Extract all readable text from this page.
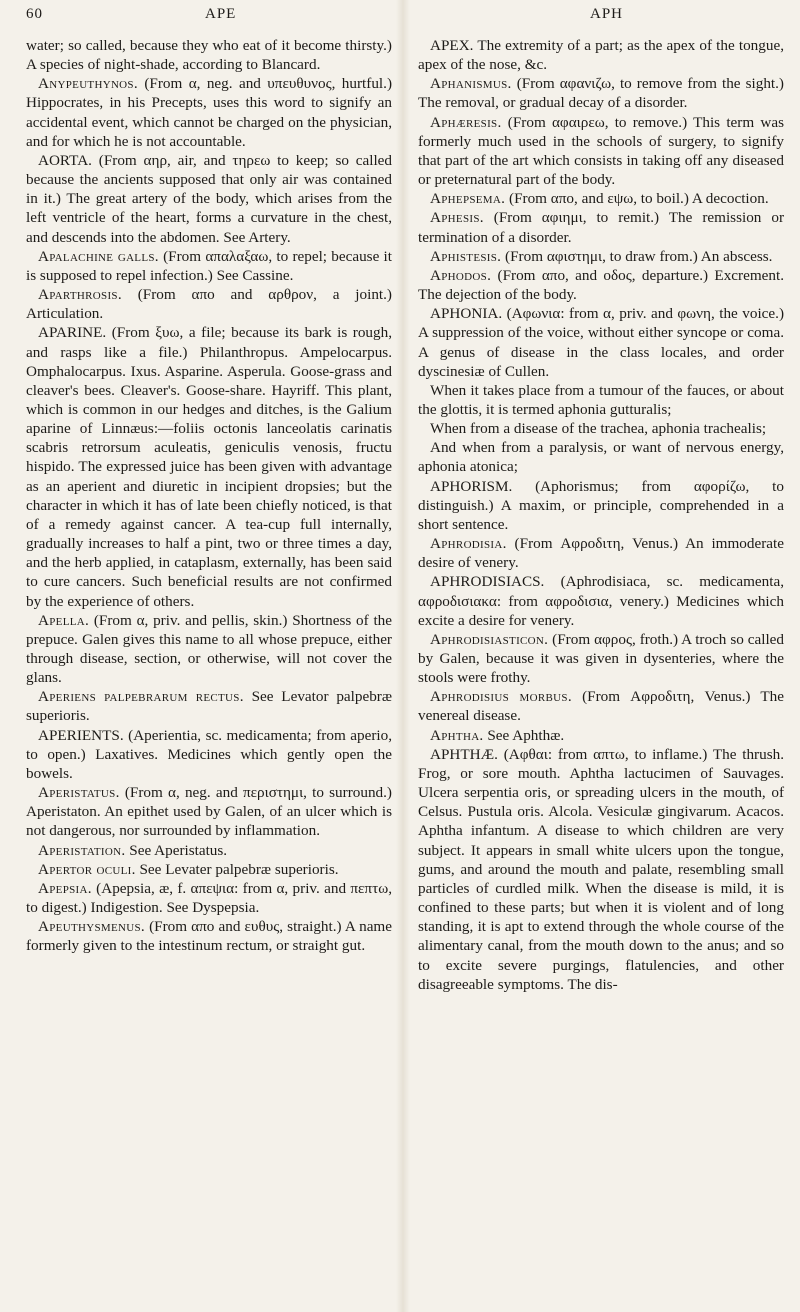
60	APE	APH

water; so called, because they who eat of it become thirsty.) A species of night-shade, according to Blancard.

Anypeuthynos. (From α, neg. and υπευθυνος, hurtful.) Hippocrates, in his Precepts, uses this word to signify an accidental event, which cannot be charged on the physician, and for which he is not accountable.

AORTA. (From αηρ, air, and τηρεω to keep; so called because the ancients supposed that only air was contained in it.) The great artery of the body, which arises from the left ventricle of the heart, forms a curvature in the chest, and descends into the abdomen. See Artery.

Apalachine galls. (From απαλαξαω, to repel; because it is supposed to repel infection.) See Cassine.

Aparthrosis. (From απο and αρθρον, a joint.) Articulation.

APARINE. (From ξυω, a file; because its bark is rough, and rasps like a file.) Philanthropus. Ampelocarpus. Omphalocarpus. Ixus. Asparine. Asperula. Goose-grass and cleaver's bees. Cleaver's. Goose-share. Hayriff. This plant, which is common in our hedges and ditches, is the Galium aparine of Linnæus:—foliis octonis lanceolatis carinatis scabris retrorsum aculeatis, geniculis venosis, fructu hispido. The expressed juice has been given with advantage as an aperient and diuretic in incipient dropsies; but the character in which it has of late been chiefly noticed, is that of a remedy against cancer. A tea-cup full internally, gradually increases to half a pint, two or three times a day, and the herb applied, in cataplasm, externally, has been said to cure cancers. Such beneficial results are not confirmed by the experience of others.

Apella. (From α, priv. and pellis, skin.) Shortness of the prepuce. Galen gives this name to all whose prepuce, either through disease, section, or otherwise, will not cover the glans.

Aperiens palpebrarum rectus. See Levator palpebræ superioris.

APERIENTS. (Aperientia, sc. medicamenta; from aperio, to open.) Laxatives. Medicines which gently open the bowels.

Aperistatus. (From α, neg. and περιστημι, to surround.) Aperistaton. An epithet used by Galen, of an ulcer which is not dangerous, nor surrounded by inflammation.

Aperistation. See Aperistatus.

Apertor oculi. See Levater palpebræ superioris.

Apepsia. (Apepsia, æ, f. απεψια: from α, priv. and πεπτω, to digest.) Indigestion. See Dyspepsia.

Apeuthysmenus. (From απο and ευθυς, straight.) A name formerly given to the intestinum rectum, or straight gut.

APEX. The extremity of a part; as the apex of the tongue, apex of the nose, &c.

Aphanismus. (From αφανιζω, to remove from the sight.) The removal, or gradual decay of a disorder.

Aphæresis. (From αφαιρεω, to remove.) This term was formerly much used in the schools of surgery, to signify that part of the art which consists in taking off any diseased or preternatural part of the body.

Aphepsema. (From απο, and εψω, to boil.) A decoction.

Aphesis. (From αφιημι, to remit.) The remission or termination of a disorder.

Aphistesis. (From αφιστημι, to draw from.) An abscess.

Aphodos. (From απο, and οδος, departure.) Excrement. The dejection of the body.

APHONIA. (Αφωνια: from α, priv. and φωνη, the voice.) A suppression of the voice, without either syncope or coma. A genus of disease in the class locales, and order dyscinesiæ of Cullen.

When it takes place from a tumour of the fauces, or about the glottis, it is termed aphonia gutturalis;

When from a disease of the trachea, aphonia trachealis;

And when from a paralysis, or want of nervous energy, aphonia atonica;

APHORISM. (Aphorismus; from αφορίζω, to distinguish.) A maxim, or principle, comprehended in a short sentence.

Aphrodisia. (From Αφροδιτη, Venus.) An immoderate desire of venery.

APHRODISIACS. (Aphrodisiaca, sc. medicamenta, αφροδισιακα: from αφροδισια, venery.) Medicines which excite a desire for venery.

Aphrodisiasticon. (From αφρος, froth.) A troch so called by Galen, because it was given in dysenteries, where the stools were frothy.

Aphrodisius morbus. (From Αφροδιτη, Venus.) The venereal disease.

Aphtha. See Aphthæ.

APHTHÆ. (Αφθαι: from απτω, to inflame.) The thrush. Frog, or sore mouth. Aphtha lactucimen of Sauvages. Ulcera serpentia oris, or spreading ulcers in the mouth, of Celsus. Pustula oris. Alcola. Vesiculæ gingivarum. Acacos. Aphtha infantum. A disease to which children are very subject. It appears in small white ulcers upon the tongue, gums, and around the mouth and palate, resembling small particles of curdled milk. When the disease is mild, it is confined to these parts; but when it is violent and of long standing, it is apt to extend through the whole course of the alimentary canal, from the mouth down to the anus; and so to excite severe purgings, flatulencies, and other disagreeable symptoms. The dis-
